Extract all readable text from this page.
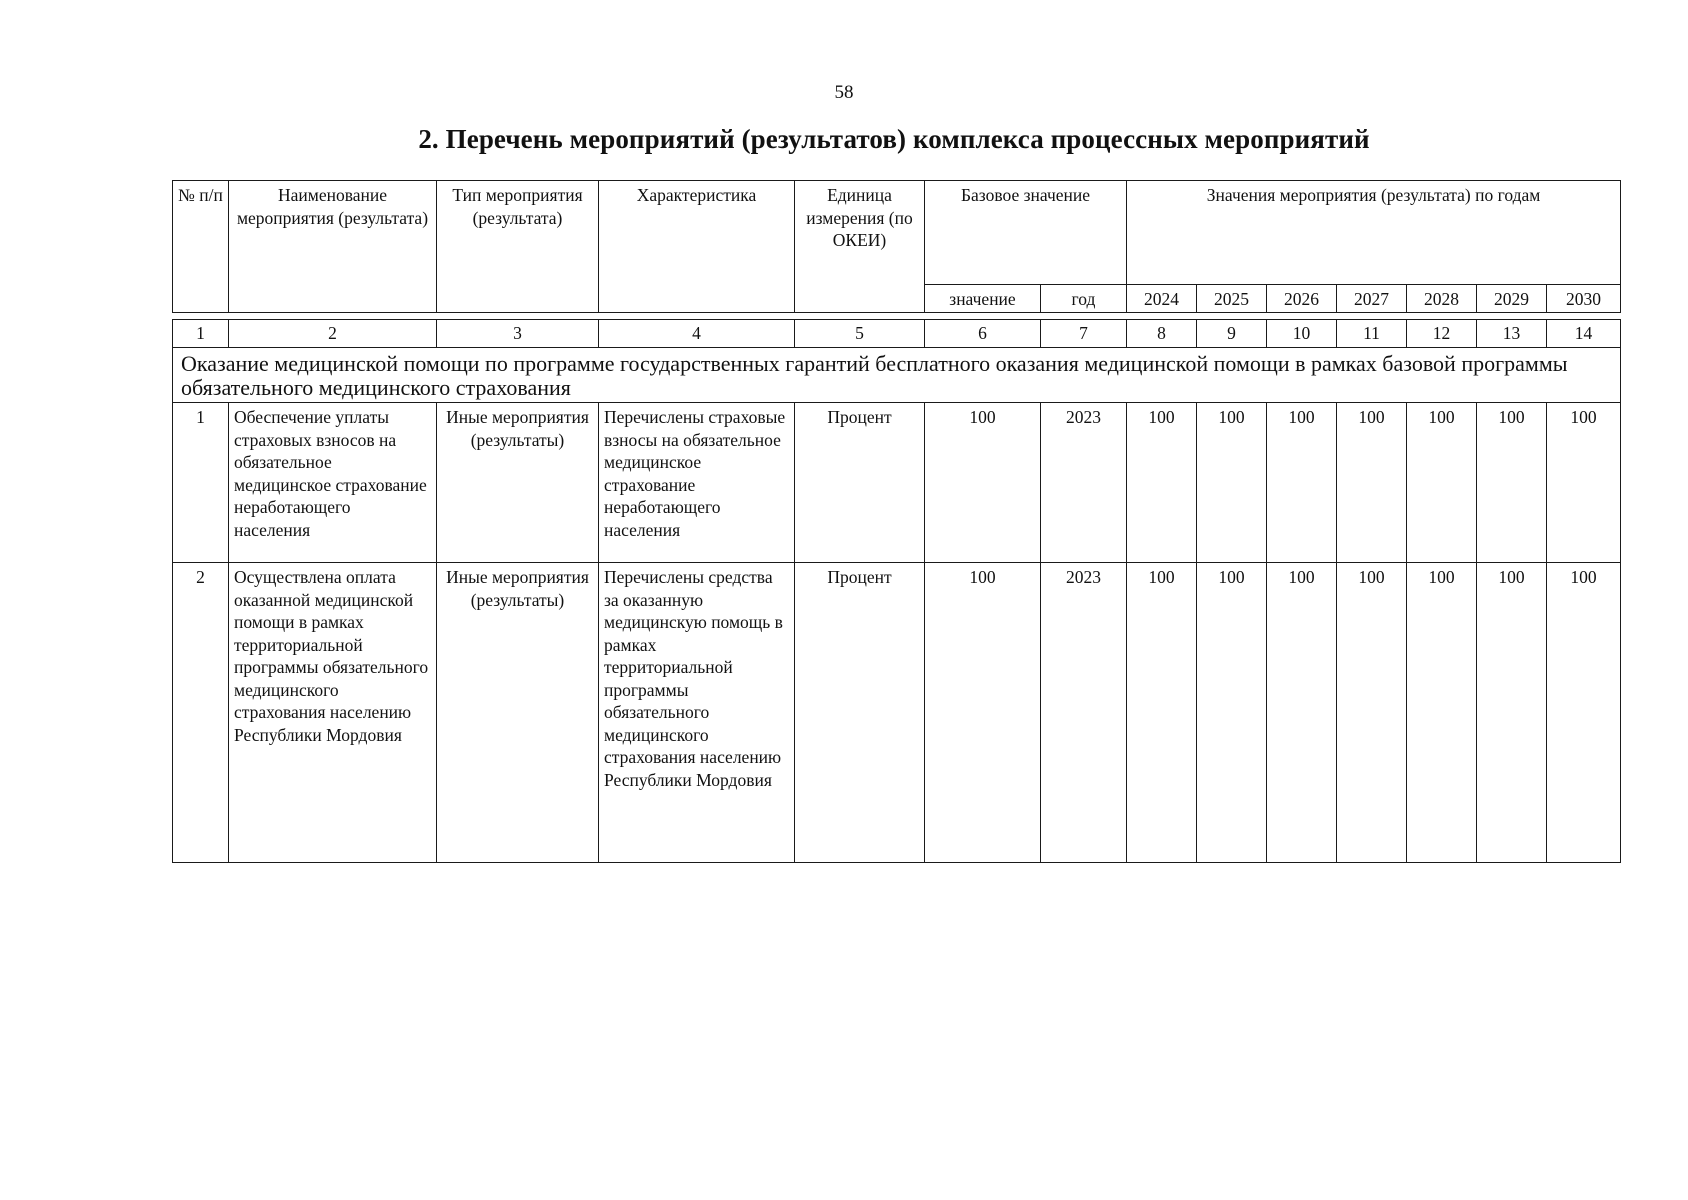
58
2. Перечень мероприятий (результатов) комплекса процессных мероприятий
№ п/п	Наименование мероприятия (результата)	Тип мероприятия (результата)	Характеристика	Единица измерения (по ОКЕИ)	Базовое значение		Значения мероприятия (результата) по годам						
					значение	год	2024	2025	2026	2027	2028	2029	2030

1	2	3	4	5	6	7	8	9	10	11	12	13	14
Оказание медицинской помощи по программе государственных гарантий бесплатного оказания медицинской помощи в рамках базовой программы обязательного медицинского страхования													
1	Обеспечение уплаты страховых взносов на обязательное медицинское страхование неработающего населения	Иные мероприятия (результаты)	Перечислены страховые взносы на обязательное медицинское страхование неработающего населения	Процент	100	2023	100	100	100	100	100	100	100
2	Осуществлена оплата оказанной медицинской помощи в рамках территориальной программы обязательного медицинского страхования населению Республики Мордовия	Иные мероприятия (результаты)	Перечислены средства за оказанную медицинскую помощь в рамках территориальной программы обязательного медицинского страхования населению Республики Мордовия	Процент	100	2023	100	100	100	100	100	100	100
